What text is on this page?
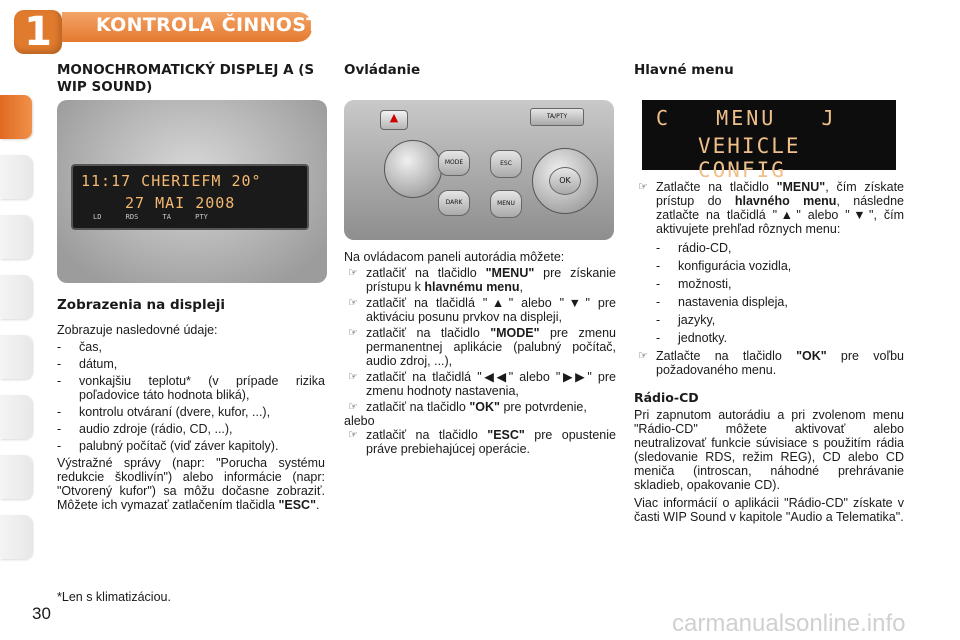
1	KONTROLA ČINNOSTI
MONOCHROMATICKÝ DISPLEJ A (S WIP SOUND)
11:17 CHERIEFM 20°
27 MAI 2008
LD RDS TA PTY
Zobrazenia na displeji
Zobrazuje nasledovné údaje:
-	čas,
-	dátum,
-	vonkajšiu teplotu* (v prípade rizika poľadovice táto hodnota bliká),
-	kontrolu otváraní (dvere, kufor, ...),
-	audio zdroje (rádio, CD, ...),
-	palubný počítač (viď záver kapitoly).
Výstražné správy (napr: "Porucha systému redukcie škodlivín") alebo informácie (napr: "Otvorený kufor") sa môžu dočasne zobraziť. Môžete ich vymazať zatlačením tlačidla "ESC".
*Len s klimatizáciou.
Ovládanie
▲	TA/PTY
MODE
DARK
ESC
MENU
OK
Na ovládacom paneli autorádia môžete:
☞ zatlačiť na tlačidlo "MENU" pre získanie prístupu k hlavnému menu,
☞ zatlačiť na tlačidlá "▲" alebo "▼" pre aktiváciu posunu prvkov na displeji,
☞ zatlačiť na tlačidlo "MODE" pre zmenu permanentnej aplikácie (palubný počítač, audio zdroj, ...),
☞ zatlačiť na tlačidlá "◀◀" alebo "▶▶" pre zmenu hodnoty nastavenia,
☞ zatlačiť na tlačidlo "OK" pre potvrdenie,
alebo
☞ zatlačiť na tlačidlo "ESC" pre opustenie práve prebiehajúcej operácie.
Hlavné menu
C   MENU   J
VEHICLE CONFIG
☞ Zatlačte na tlačidlo "MENU", čím získate prístup do hlavného menu, následne zatlačte na tlačidlá "▲" alebo "▼", čím aktivujete prehľad rôznych menu:
-	rádio-CD,
-	konfigurácia vozidla,
-	možnosti,
-	nastavenia displeja,
-	jazyky,
-	jednotky.
☞ Zatlačte na tlačidlo "OK" pre voľbu požadovaného menu.
Rádio-CD
Pri zapnutom autorádiu a pri zvolenom menu "Rádio-CD" môžete aktivovať alebo neutralizovať funkcie súvisiace s použitím rádia (sledovanie RDS, režim REG), CD alebo CD meniča (introscan, náhodné prehrávanie skladieb, opakovanie CD).
Viac informácií o aplikácii "Rádio-CD" získate v časti WIP Sound v kapitole "Audio a Telematika".
30	carmanualsonline.info
